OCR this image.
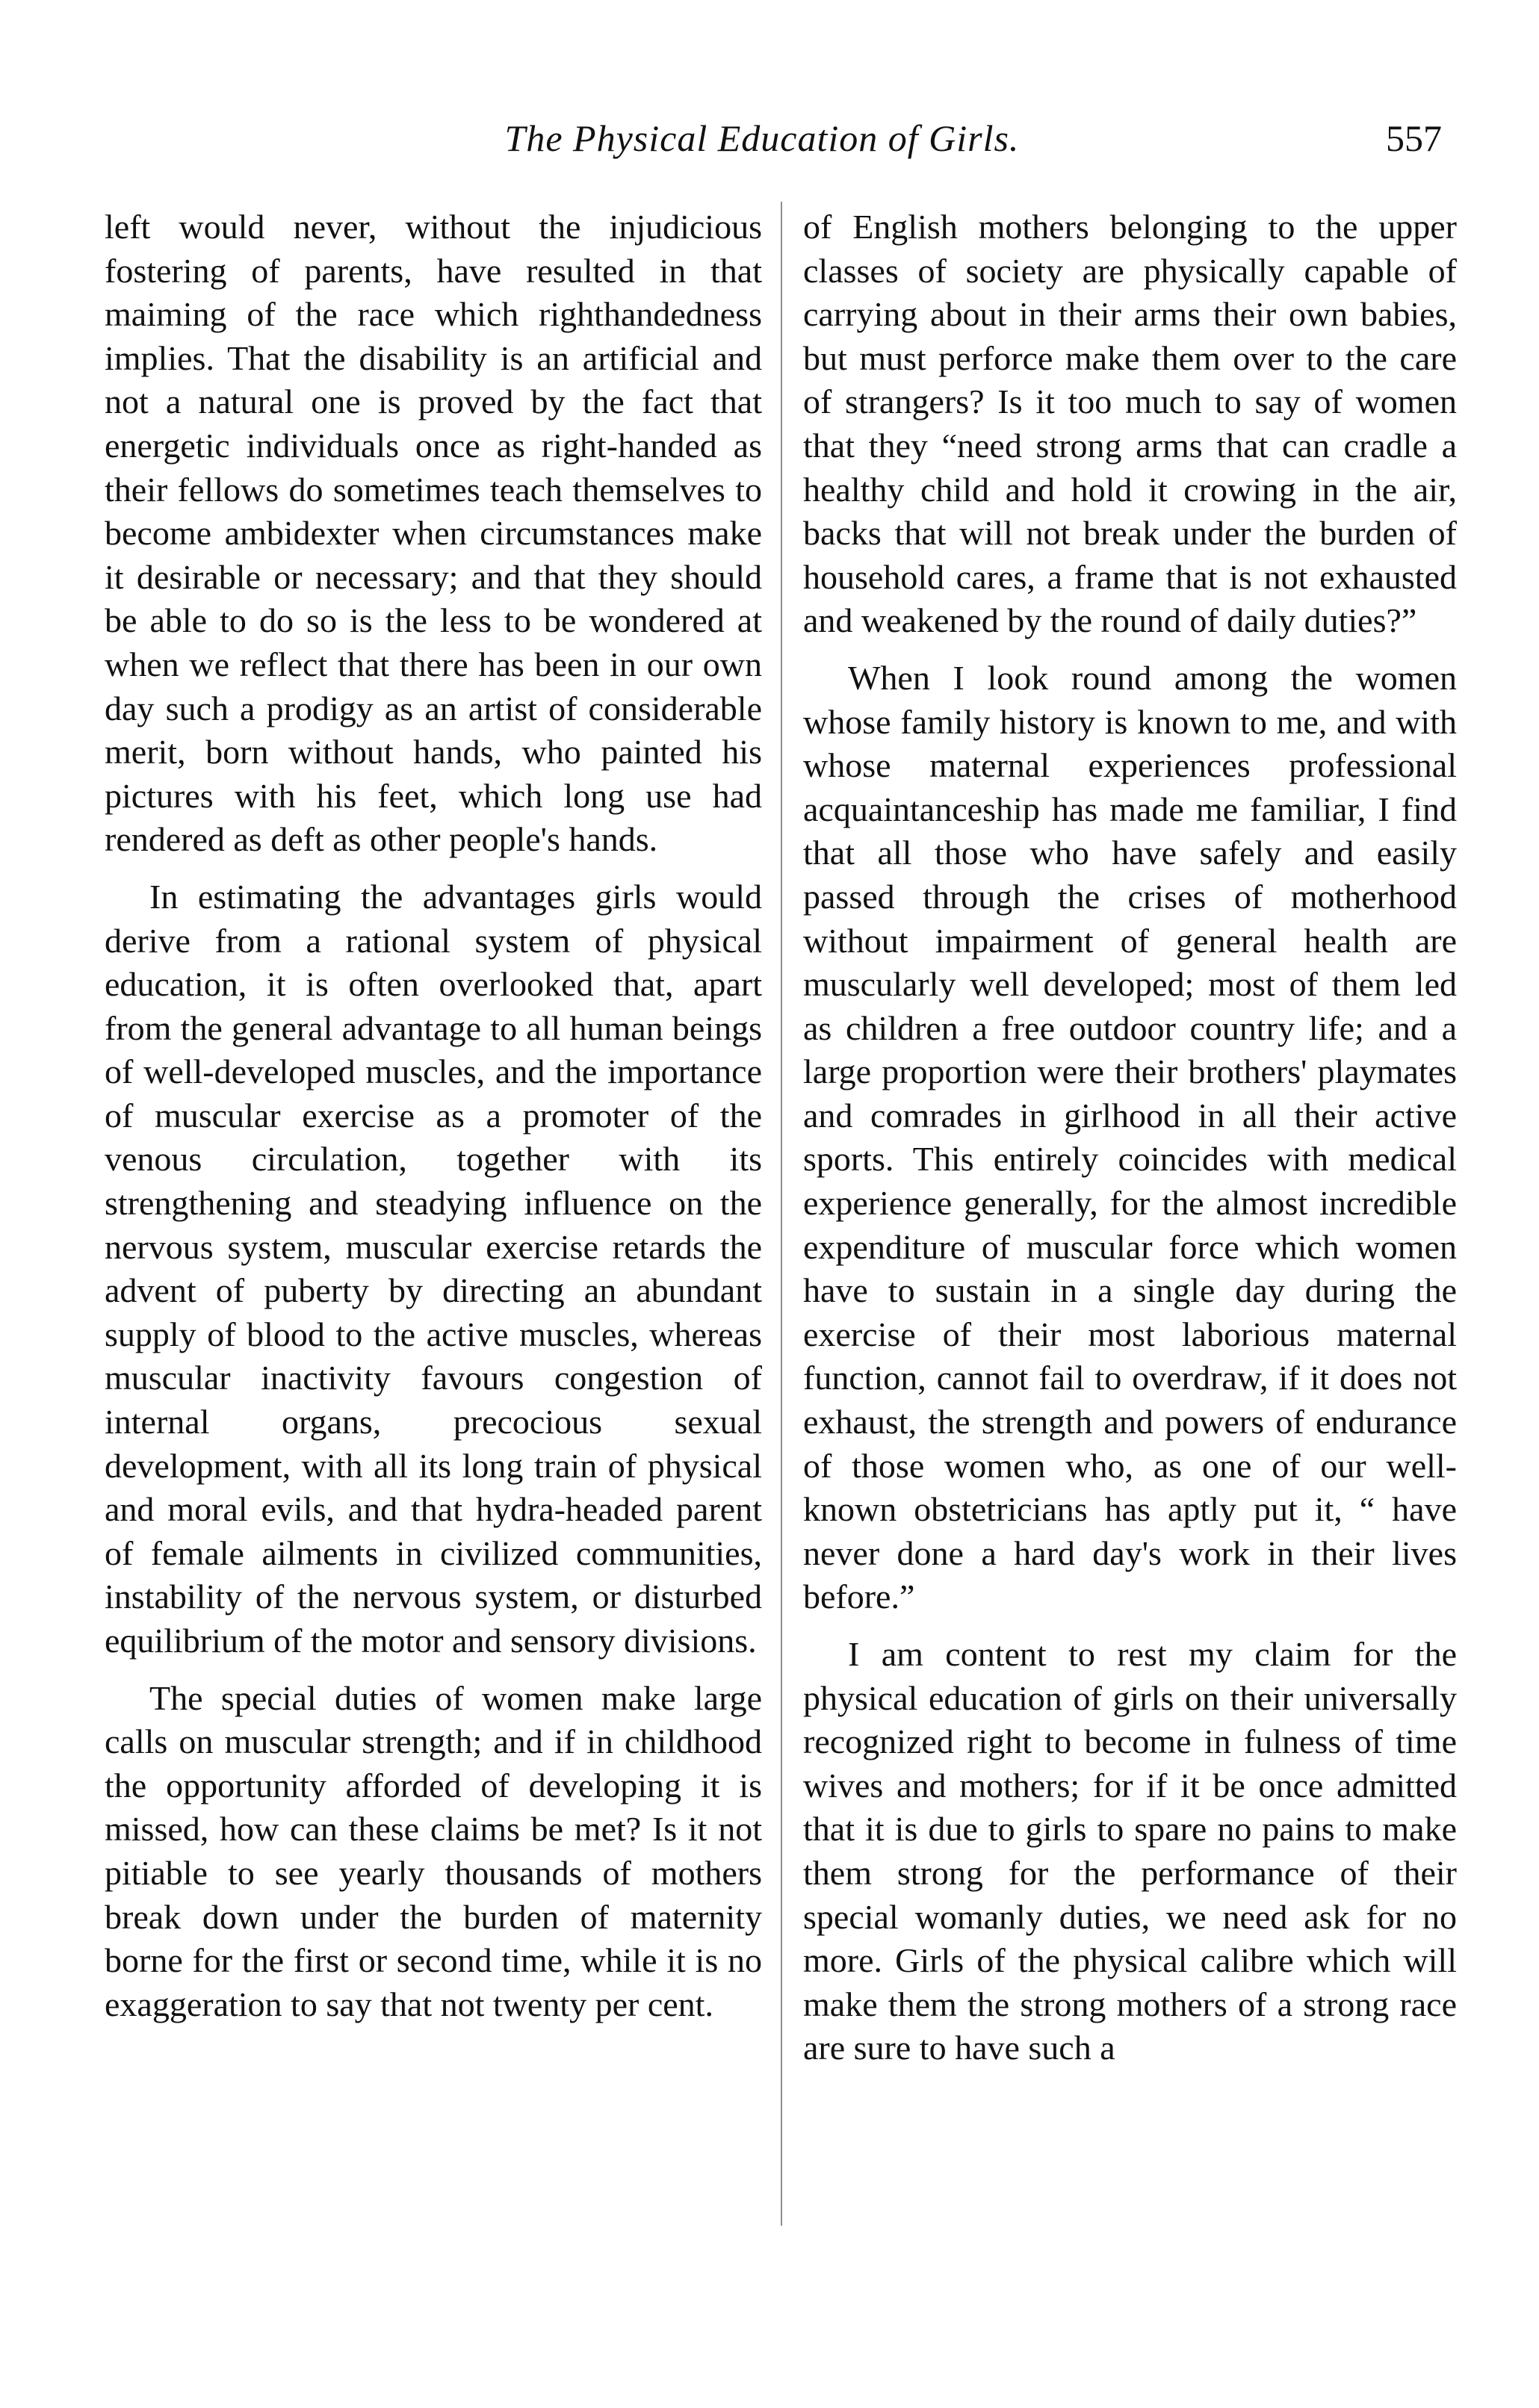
The Physical Education of Girls.	557

left would never, without the injudicious fostering of parents, have resulted in that maiming of the race which righthandedness implies. That the disability is an artificial and not a natural one is proved by the fact that energetic individuals once as right-handed as their fellows do sometimes teach themselves to become ambidexter when circumstances make it desirable or necessary; and that they should be able to do so is the less to be wondered at when we reflect that there has been in our own day such a prodigy as an artist of considerable merit, born without hands, who painted his pictures with his feet, which long use had rendered as deft as other people's hands.

In estimating the advantages girls would derive from a rational system of physical education, it is often overlooked that, apart from the general advantage to all human beings of well-developed muscles, and the importance of muscular exercise as a promoter of the venous circulation, together with its strengthening and steadying influence on the nervous system, muscular exercise retards the advent of puberty by directing an abundant supply of blood to the active muscles, whereas muscular inactivity favours congestion of internal organs, precocious sexual development, with all its long train of physical and moral evils, and that hydra-headed parent of female ailments in civilized communities, instability of the nervous system, or disturbed equilibrium of the motor and sensory divisions.

The special duties of women make large calls on muscular strength; and if in childhood the opportunity afforded of developing it is missed, how can these claims be met? Is it not pitiable to see yearly thousands of mothers break down under the burden of maternity borne for the first or second time, while it is no exaggeration to say that not twenty per cent.

of English mothers belonging to the upper classes of society are physically capable of carrying about in their arms their own babies, but must perforce make them over to the care of strangers? Is it too much to say of women that they “need strong arms that can cradle a healthy child and hold it crowing in the air, backs that will not break under the burden of household cares, a frame that is not exhausted and weakened by the round of daily duties?”

When I look round among the women whose family history is known to me, and with whose maternal experiences professional acquaintanceship has made me familiar, I find that all those who have safely and easily passed through the crises of motherhood without impairment of general health are muscularly well developed; most of them led as children a free outdoor country life; and a large proportion were their brothers' playmates and comrades in girlhood in all their active sports. This entirely coincides with medical experience generally, for the almost incredible expenditure of muscular force which women have to sustain in a single day during the exercise of their most laborious maternal function, cannot fail to overdraw, if it does not exhaust, the strength and powers of endurance of those women who, as one of our well-known obstetricians has aptly put it, “ have never done a hard day's work in their lives before.”

I am content to rest my claim for the physical education of girls on their universally recognized right to become in fulness of time wives and mothers; for if it be once admitted that it is due to girls to spare no pains to make them strong for the performance of their special womanly duties, we need ask for no more. Girls of the physical calibre which will make them the strong mothers of a strong race are sure to have such a
